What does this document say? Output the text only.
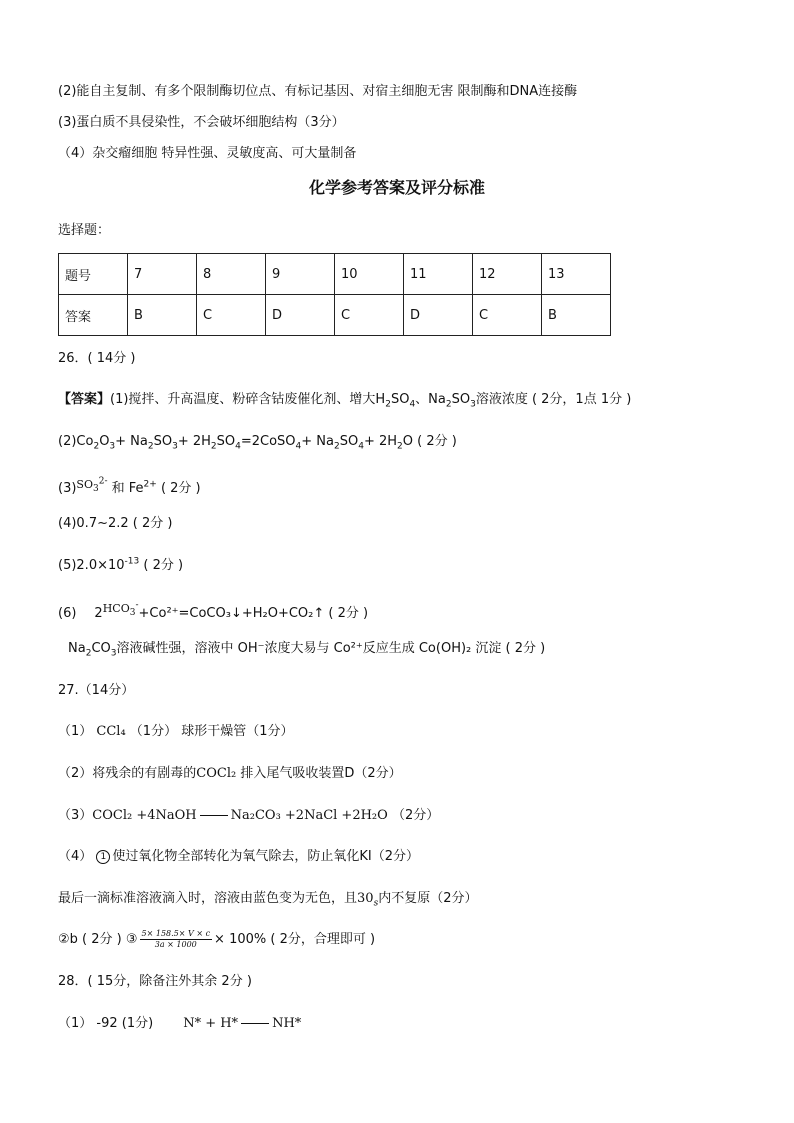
(2)能自主复制、有多个限制酶切位点、有标记基因、对宿主细胞无害 限制酶和DNA连接酶
(3)蛋白质不具侵染性，不会破坏细胞结构（3分）
（4）杂交瘤细胞 特异性强、灵敏度高、可大量制备
化学参考答案及评分标准
选择题：
题号	7	8	9	10	11	12	13
答案	B	C	D	C	D	C	B
26．( 14分 )
【答案】(1)搅拌、升高温度、粉碎含钴废催化剂、增大$H_2SO_4$、$Na_2SO_3$溶液浓度 ( 2分，1点 1分 )
$(2)Co_2O_3+ Na_2SO_3+$ $2H_2SO_4=2CoSO_4+ Na_2SO_4+ 2H_2O$ ( 2分 )
$(3)^{SO_3^{2-}}$ 和 $Fe^{2+}$ ( 2分 )
(4)0.7~2.2 ( 2分 )
$(5)2.0\times 10^{-13}$ ( 2分 )
(6) $2^{HCO_3^-}+Co^{2+}=CoCO_3↓+H_2O+CO_2↑$ ( 2分 )
$Na_2CO_3$溶液碱性强，溶液中 OH⁻浓度大易与 Co²⁺反应生成 Co(OH)₂ 沉淀 ( 2分 )
27.（14分）
（1） CCl₄ （1分） 球形干燥管（1分）
（2）将残余的有剧毒的COCl₂ 排入尾气吸收装置D（2分）
（3）COCl₂ +4NaOH	Na₂CO₃ +2NaCl +2H₂O （2分）
（4） 1 使过氧化物全部转化为氧气除去，防止氧化KI（2分）
最后一滴标准溶液滴入时，溶液由蓝色变为无色，且$30_s$内不复原（2分）
②b ( 2分 ) ③ $\frac{5\times 158.5\times V \times c}{3a \times 1000} \times 100\%$ ( 2分，合理即可 )
28．( 15分，除备注外其余 2分 )
（1） -92 (1分) N* + H*	NH*
